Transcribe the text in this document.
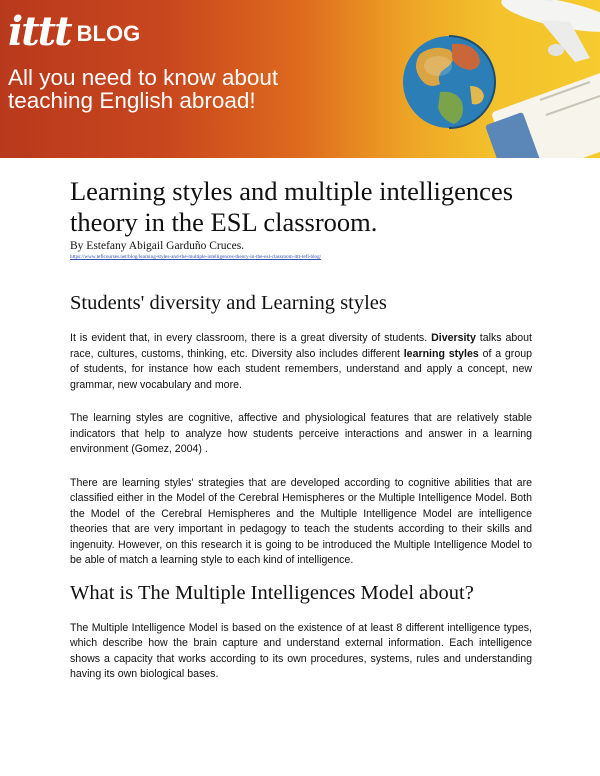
ittt BLOG
All you need to know about teaching English abroad!
Learning styles and multiple intelligences theory in the ESL classroom.
By Estefany Abigail Garduño Cruces.
https://www.teflcourses.net/blog/learning-styles-and-the-multiple-intelligences-theory-in-the-esl-classroom-ittt-tefl-blog/
Students' diversity and Learning styles

It is evident that, in every classroom, there is a great diversity of students. Diversity talks about race, cultures, customs, thinking, etc. Diversity also includes different learning styles of a group of students, for instance how each student remembers, understand and apply a concept, new grammar, new vocabulary and more.

The learning styles are cognitive, affective and physiological features that are relatively stable indicators that help to analyze how students perceive interactions and answer in a learning environment (Gomez, 2004) .

There are learning styles' strategies that are developed according to cognitive abilities that are classified either in the Model of the Cerebral Hemispheres or the Multiple Intelligence Model. Both the Model of the Cerebral Hemispheres and the Multiple Intelligence Model are intelligence theories that are very important in pedagogy to teach the students according to their skills and ingenuity. However, on this research it is going to be introduced the Multiple Intelligence Model to be able of match a learning style to each kind of intelligence.

What is The Multiple Intelligences Model about?

The Multiple Intelligence Model is based on the existence of at least 8 different intelligence types, which describe how the brain capture and understand external information. Each intelligence shows a capacity that works according to its own procedures, systems, rules and understanding having its own biological bases.
